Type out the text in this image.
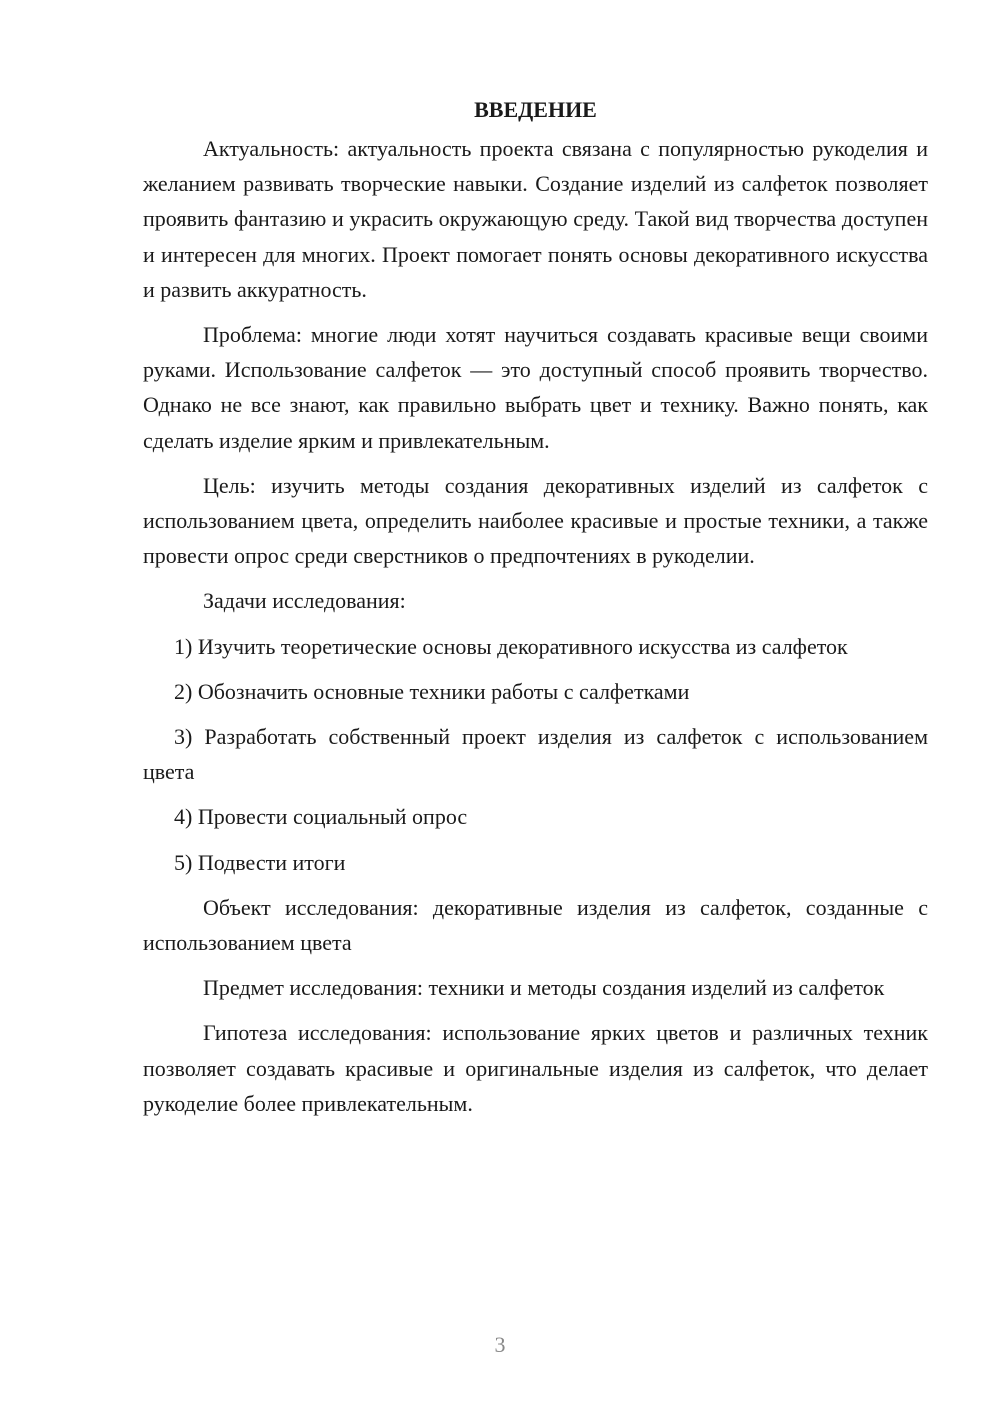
ВВЕДЕНИЕ

Актуальность: актуальность проекта связана с популярностью рукоделия и желанием развивать творческие навыки. Создание изделий из салфеток позволяет проявить фантазию и украсить окружающую среду. Такой вид творчества доступен и интересен для многих. Проект помогает понять основы декоративного искусства и развить аккуратность.

Проблема: многие люди хотят научиться создавать красивые вещи своими руками. Использование салфеток — это доступный способ проявить творчество. Однако не все знают, как правильно выбрать цвет и технику. Важно понять, как сделать изделие ярким и привлекательным.

Цель: изучить методы создания декоративных изделий из салфеток с использованием цвета, определить наиболее красивые и простые техники, а также провести опрос среди сверстников о предпочтениях в рукоделии.

Задачи исследования:

1) Изучить теоретические основы декоративного искусства из салфеток

2) Обозначить основные техники работы с салфетками

3) Разработать собственный проект изделия из салфеток с использованием цвета

4) Провести социальный опрос

5) Подвести итоги

Объект исследования: декоративные изделия из салфеток, созданные с использованием цвета

Предмет исследования: техники и методы создания изделий из салфеток

Гипотеза исследования: использование ярких цветов и различных техник позволяет создавать красивые и оригинальные изделия из салфеток, что делает рукоделие более привлекательным.

3
